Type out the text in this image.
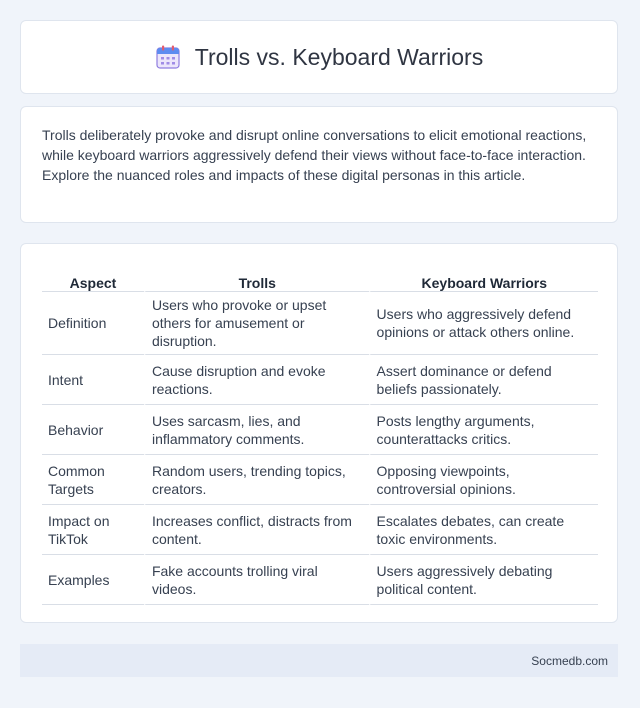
Trolls vs. Keyboard Warriors

Trolls deliberately provoke and disrupt online conversations to elicit emotional reactions, while keyboard warriors aggressively defend their views without face-to-face interaction. Explore the nuanced roles and impacts of these digital personas in this article.

Aspect	Trolls	Keyboard Warriors
Definition	Users who provoke or upset others for amusement or disruption.	Users who aggressively defend opinions or attack others online.
Intent	Cause disruption and evoke reactions.	Assert dominance or defend beliefs passionately.
Behavior	Uses sarcasm, lies, and inflammatory comments.	Posts lengthy arguments, counterattacks critics.
Common Targets	Random users, trending topics, creators.	Opposing viewpoints, controversial opinions.
Impact on TikTok	Increases conflict, distracts from content.	Escalates debates, can create toxic environments.
Examples	Fake accounts trolling viral videos.	Users aggressively debating political content.
Socmedb.com
